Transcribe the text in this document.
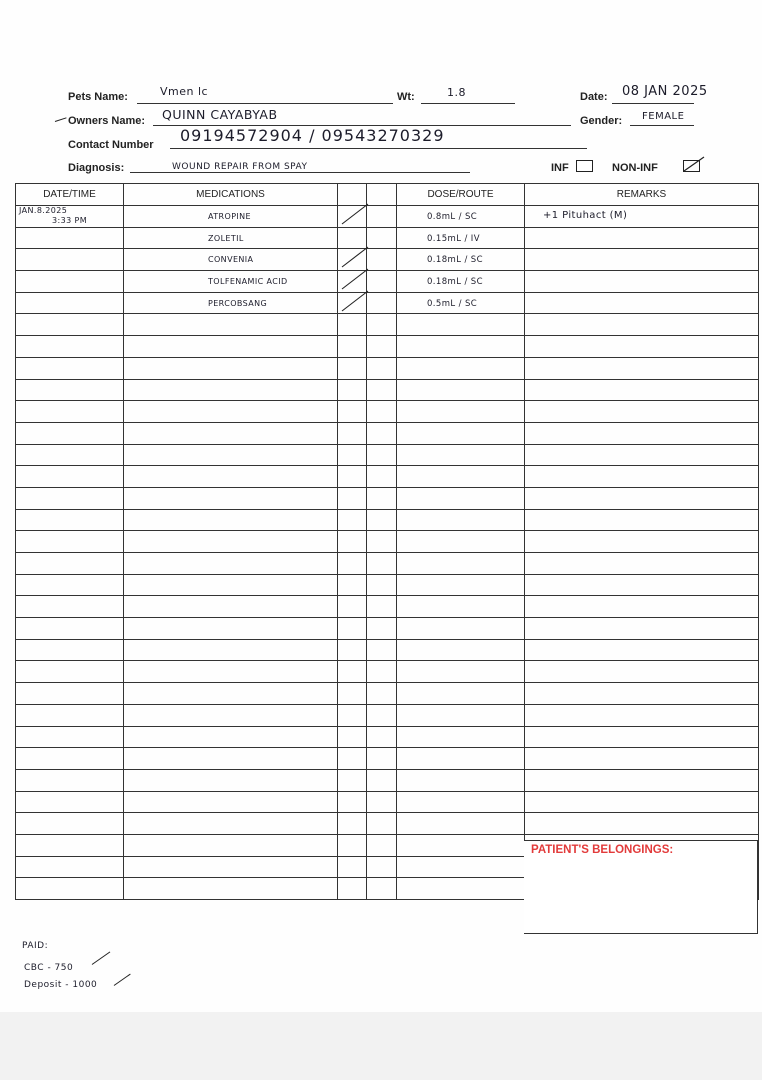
Pets Name:	Vmen lc	Wt:	1.8	Date: 08 JAN 2025
Owners Name: QUINN CAYABYAB	Gender: FEMALE
Contact Number 09194572904 / 09543270329
Diagnosis:	WOUND REPAIR FROM SPAY	INF	NON-INF
DATE/TIME	MEDICATIONS			DOSE/ROUTE	REMARKS

JAN.8.2025
3:33 PM	ATROPINE			0.8mL / SC	+1 Pituhact (M)

	ZOLETIL			0.15mL / IV	

	CONVENIA			0.18mL / SC	

	TOLFENAMIC ACID			0.18mL / SC	

	PERCOBSANG			0.5mL / SC	

PATIENT'S BELONGINGS:
PAID:
CBC - 750
Deposit - 1000
